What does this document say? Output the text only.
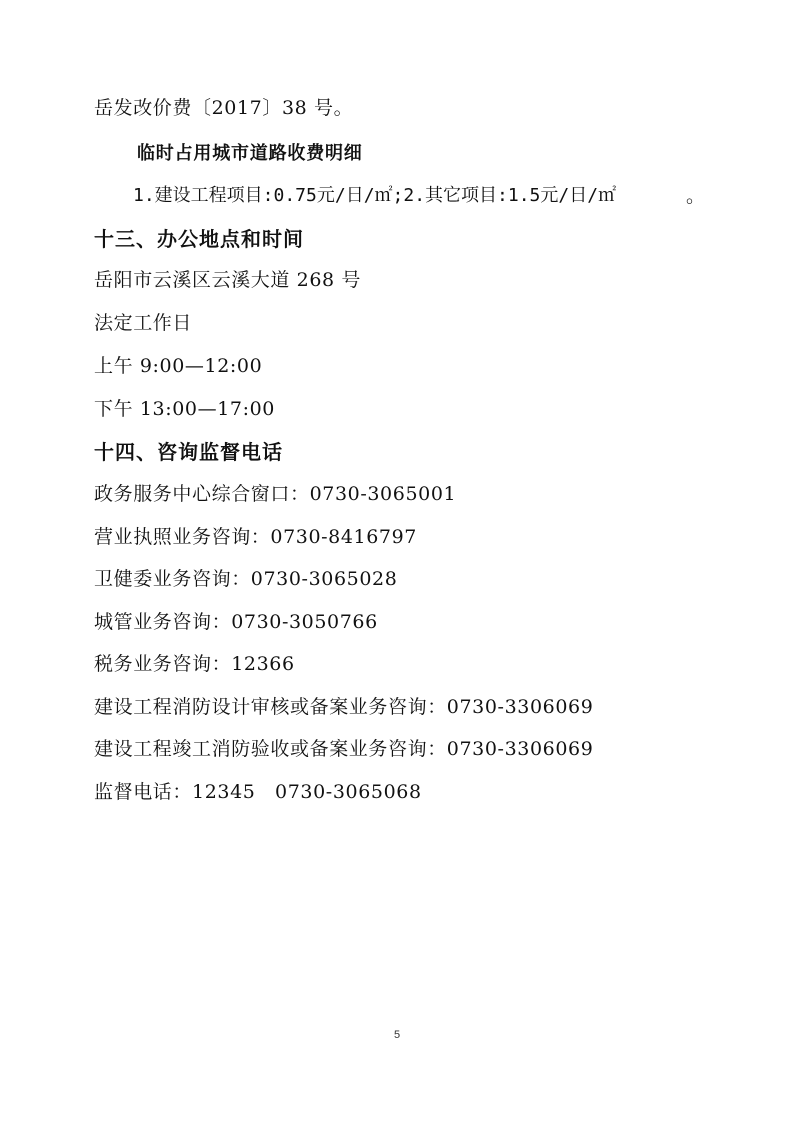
岳发改价费〔2017〕38 号。
临时占用城市道路收费明细
1.建设工程项目:0.75元/日/㎡;2.其它项目:1.5元/日/㎡	。
十三、办公地点和时间
岳阳市云溪区云溪大道 268 号
法定工作日
上午 9:00—12:00
下午 13:00—17:00
十四、咨询监督电话
政务服务中心综合窗口：0730-3065001
营业执照业务咨询：0730-8416797
卫健委业务咨询：0730-3065028
城管业务咨询：0730-3050766
税务业务咨询：12366
建设工程消防设计审核或备案业务咨询：0730-3306069
建设工程竣工消防验收或备案业务咨询：0730-3306069
监督电话：12345　0730-3065068
5
